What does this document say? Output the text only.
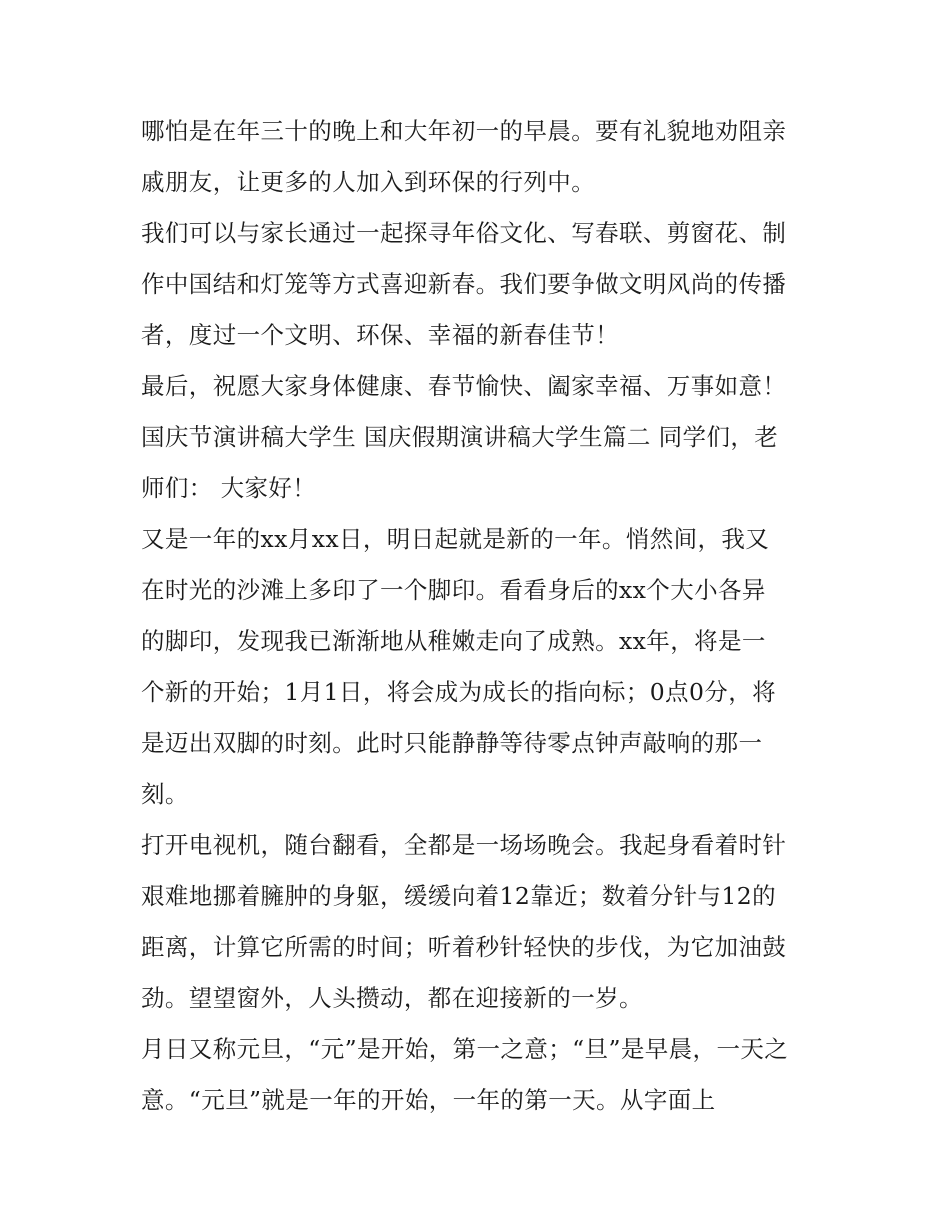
哪怕是在年三十的晚上和大年初一的早晨。要有礼貌地劝阻亲
戚朋友，让更多的人加入到环保的行列中。

我们可以与家长通过一起探寻年俗文化、写春联、剪窗花、制
作中国结和灯笼等方式喜迎新春。我们要争做文明风尚的传播
者，度过一个文明、环保、幸福的新春佳节！

最后，祝愿大家身体健康、春节愉快、阖家幸福、万事如意！
国庆节演讲稿大学生 国庆假期演讲稿大学生篇二 同学们，老
师们： 大家好！

又是一年的xx月xx日，明日起就是新的一年。悄然间，我又
在时光的沙滩上多印了一个脚印。看看身后的xx个大小各异
的脚印，发现我已渐渐地从稚嫩走向了成熟。xx年，将是一
个新的开始；1月1日，将会成为成长的指向标；0点0分，将
是迈出双脚的时刻。此时只能静静等待零点钟声敲响的那一
刻。

打开电视机，随台翻看，全都是一场场晚会。我起身看着时针
艰难地挪着臃肿的身躯，缓缓向着12靠近；数着分针与12的
距离，计算它所需的时间；听着秒针轻快的步伐，为它加油鼓
劲。望望窗外，人头攒动，都在迎接新的一岁。

月日又称元旦，“元”是开始，第一之意；“旦”是早晨，一天之
意。“元旦”就是一年的开始，一年的第一天。从字面上
